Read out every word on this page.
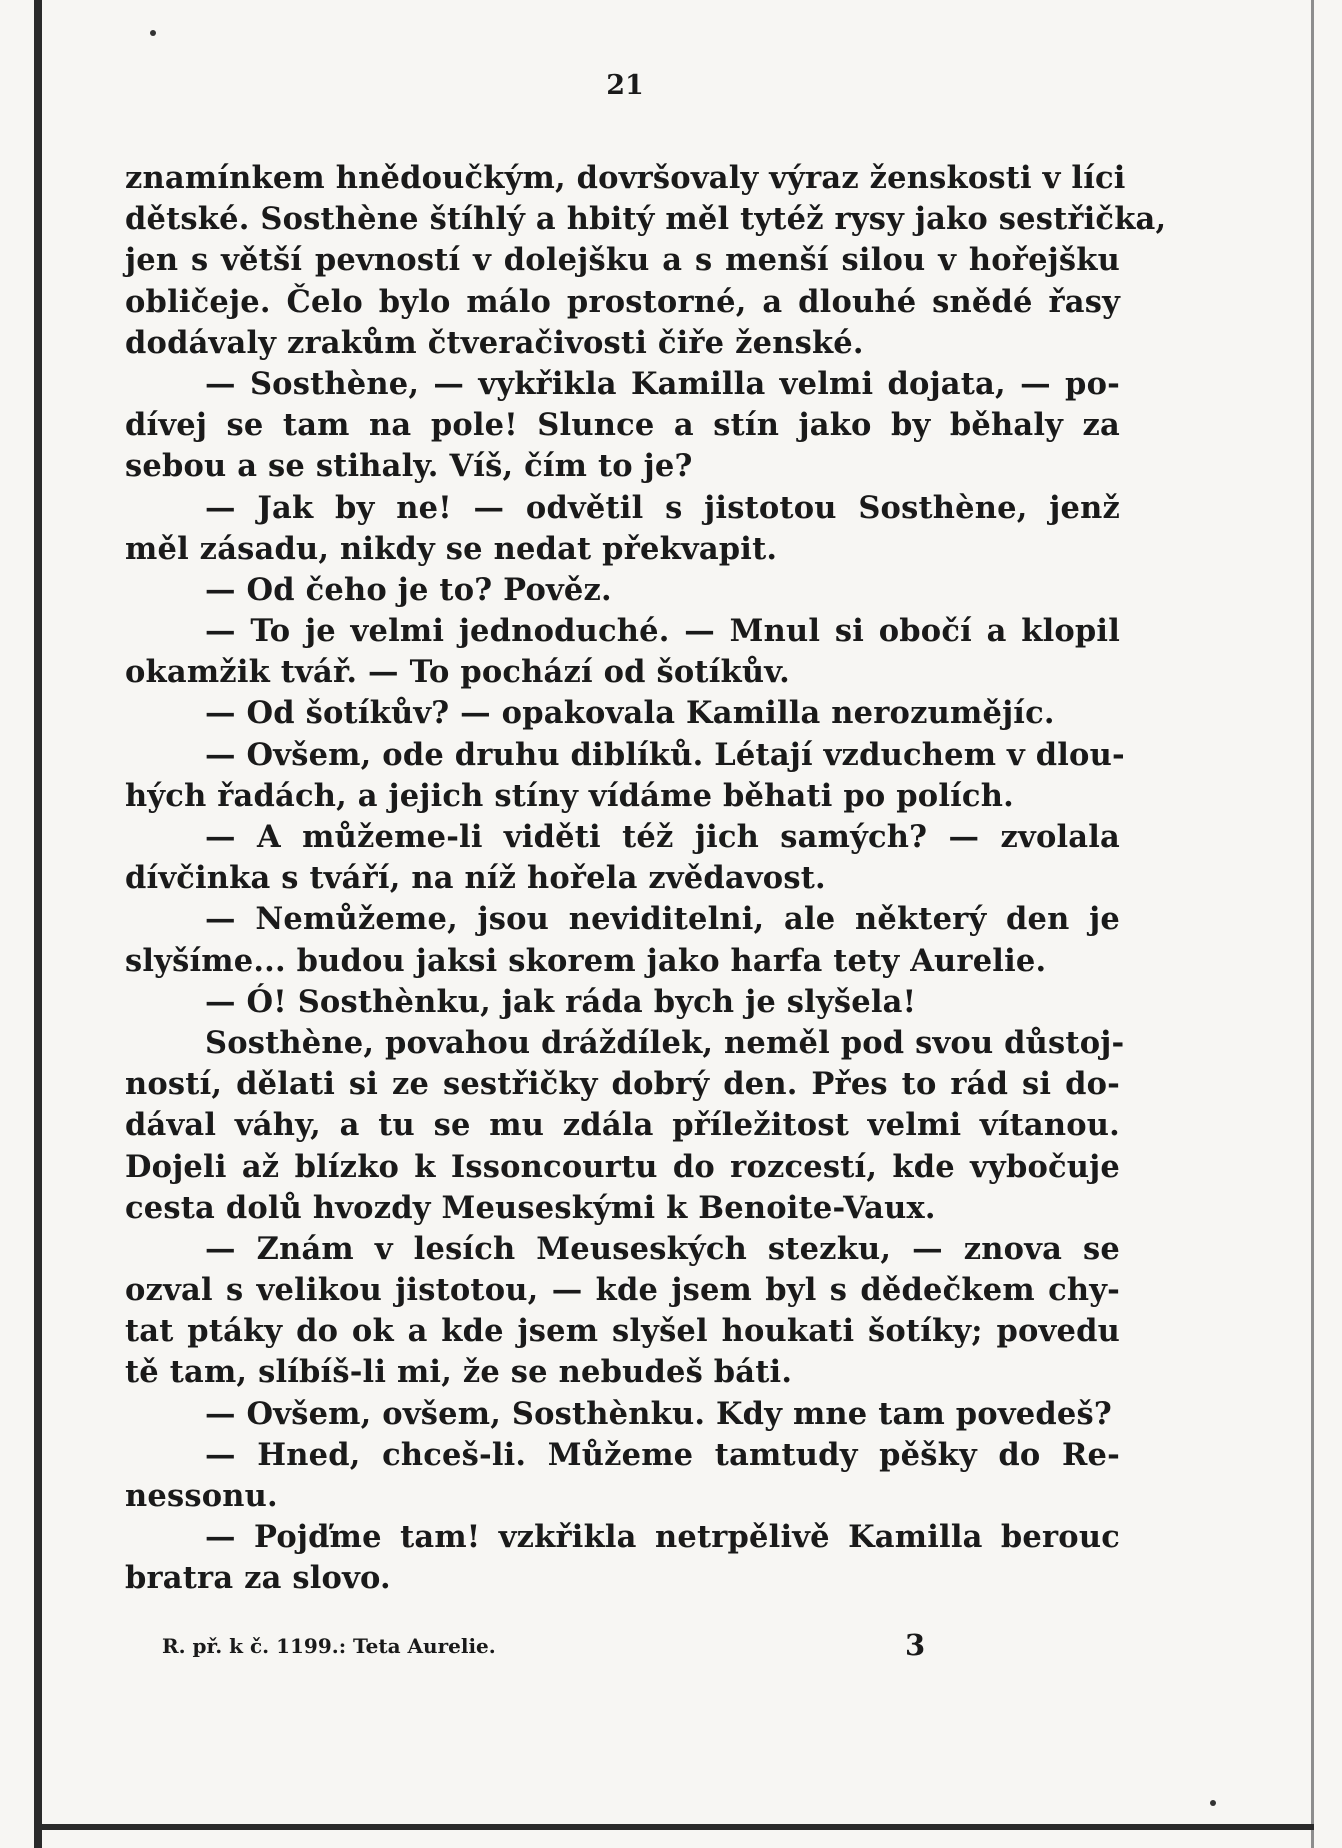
21
znamínkem hnědoučkým, dovršovaly výraz ženskosti v líci
dětské. Sosthène štíhlý a hbitý měl tytéž rysy jako sestřička,
jen s větší pevností v dolejšku a s menší silou v hořejšku
obličeje. Čelo bylo málo prostorné, a dlouhé snědé řasy
dodávaly zrakům čtveračivosti čiře ženské.
— Sosthène, — vykřikla Kamilla velmi dojata, — po-
dívej se tam na pole! Slunce a stín jako by běhaly za
sebou a se stihaly. Víš, čím to je?
— Jak by ne! — odvětil s jistotou Sosthène, jenž
měl zásadu, nikdy se nedat překvapit.
— Od čeho je to? Pověz.
— To je velmi jednoduché. — Mnul si obočí a klopil
okamžik tvář. — To pochází od šotíkův.
— Od šotíkův? — opakovala Kamilla nerozumějíc.
— Ovšem, ode druhu diblíků. Létají vzduchem v dlou-
hých řadách, a jejich stíny vídáme běhati po polích.
— A můžeme-li viděti též jich samých? — zvolala
dívčinka s tváří, na níž hořela zvědavost.
— Nemůžeme, jsou neviditelni, ale některý den je
slyšíme... budou jaksi skorem jako harfa tety Aurelie.
— Ó! Sosthènku, jak ráda bych je slyšela!
Sosthène, povahou dráždílek, neměl pod svou důstoj-
ností, dělati si ze sestřičky dobrý den. Přes to rád si do-
dával váhy, a tu se mu zdála příležitost velmi vítanou.
Dojeli až blízko k Issoncourtu do rozcestí, kde vybočuje
cesta dolů hvozdy Meuseskými k Benoite-Vaux.
— Znám v lesích Meuseských stezku, — znova se
ozval s velikou jistotou, — kde jsem byl s dědečkem chy-
tat ptáky do ok a kde jsem slyšel houkati šotíky; povedu
tě tam, slíbíš-li mi, že se nebudeš báti.
— Ovšem, ovšem, Sosthènku. Kdy mne tam povedeš?
— Hned, chceš-li. Můžeme tamtudy pěšky do Re-
nessonu.
— Pojďme tam! vzkřikla netrpělivě Kamilla berouc
bratra za slovo.
R. př. k č. 1199.: Teta Aurelie.	3
